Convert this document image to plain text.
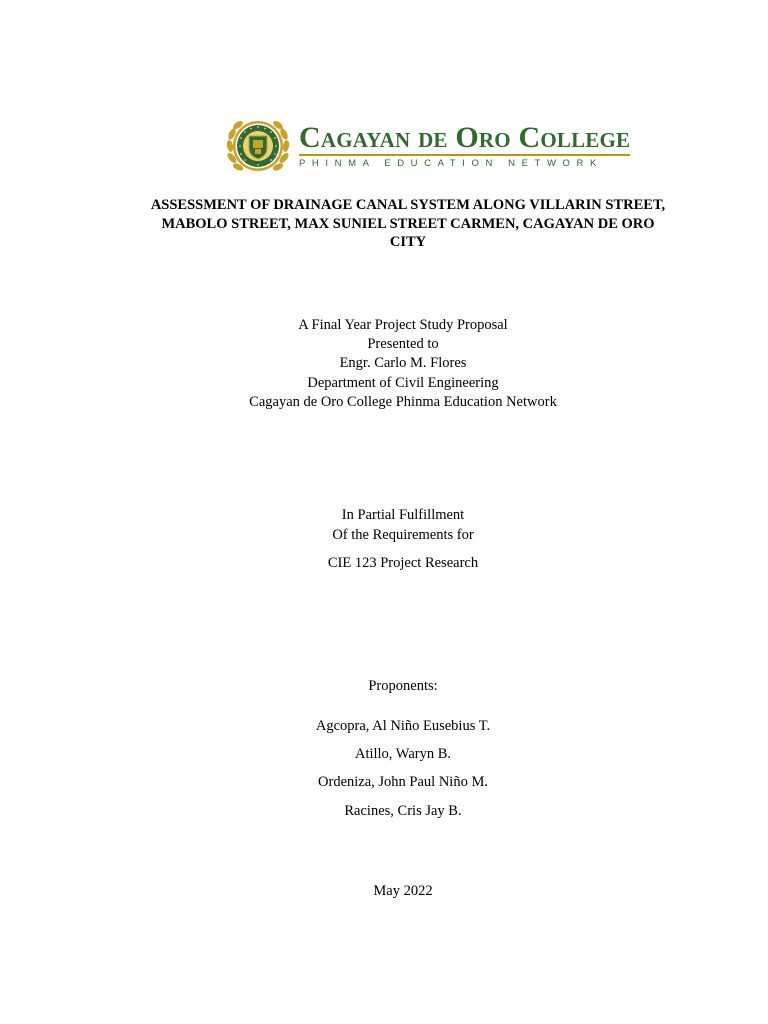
Cagayan de Oro College
PHINMA EDUCATION NETWORK
ASSESSMENT OF DRAINAGE CANAL SYSTEM ALONG VILLARIN STREET,
MABOLO STREET, MAX SUNIEL STREET CARMEN, CAGAYAN DE ORO
CITY
A Final Year Project Study Proposal
Presented to
Engr. Carlo M. Flores
Department of Civil Engineering
Cagayan de Oro College Phinma Education Network
In Partial Fulfillment
Of the Requirements for
CIE 123 Project Research
Proponents:
Agcopra, Al Niño Eusebius T.
Atillo, Waryn B.
Ordeniza, John Paul Niño M.
Racines, Cris Jay B.
May 2022
